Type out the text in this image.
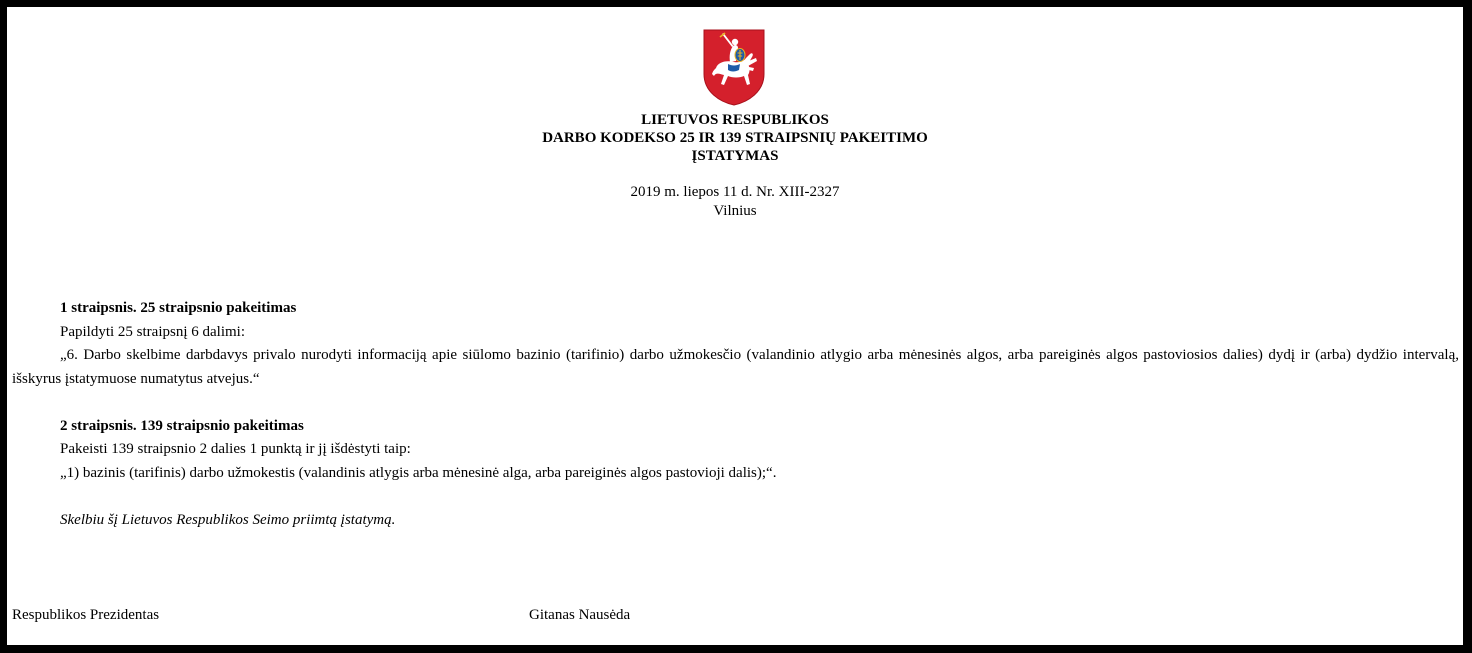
LIETUVOS RESPUBLIKOS
DARBO KODEKSO 25 IR 139 STRAIPSNIŲ PAKEITIMO
ĮSTATYMAS
2019 m. liepos 11 d. Nr. XIII-2327
Vilnius

1 straipsnis. 25 straipsnio pakeitimas

Papildyti 25 straipsnį 6 dalimi:

„6. Darbo skelbime darbdavys privalo nurodyti informaciją apie siūlomo bazinio (tarifinio) darbo užmokesčio (valandinio atlygio arba mėnesinės algos, arba pareiginės algos pastoviosios dalies) dydį ir (arba) dydžio intervalą, išskyrus įstatymuose numatytus atvejus.“

2 straipsnis. 139 straipsnio pakeitimas

Pakeisti 139 straipsnio 2 dalies 1 punktą ir jį išdėstyti taip:

„1) bazinis (tarifinis) darbo užmokestis (valandinis atlygis arba mėnesinė alga, arba pareiginės algos pastovioji dalis);“.

Skelbiu šį Lietuvos Respublikos Seimo priimtą įstatymą.

Respublikos Prezidentas	Gitanas Nausėda
